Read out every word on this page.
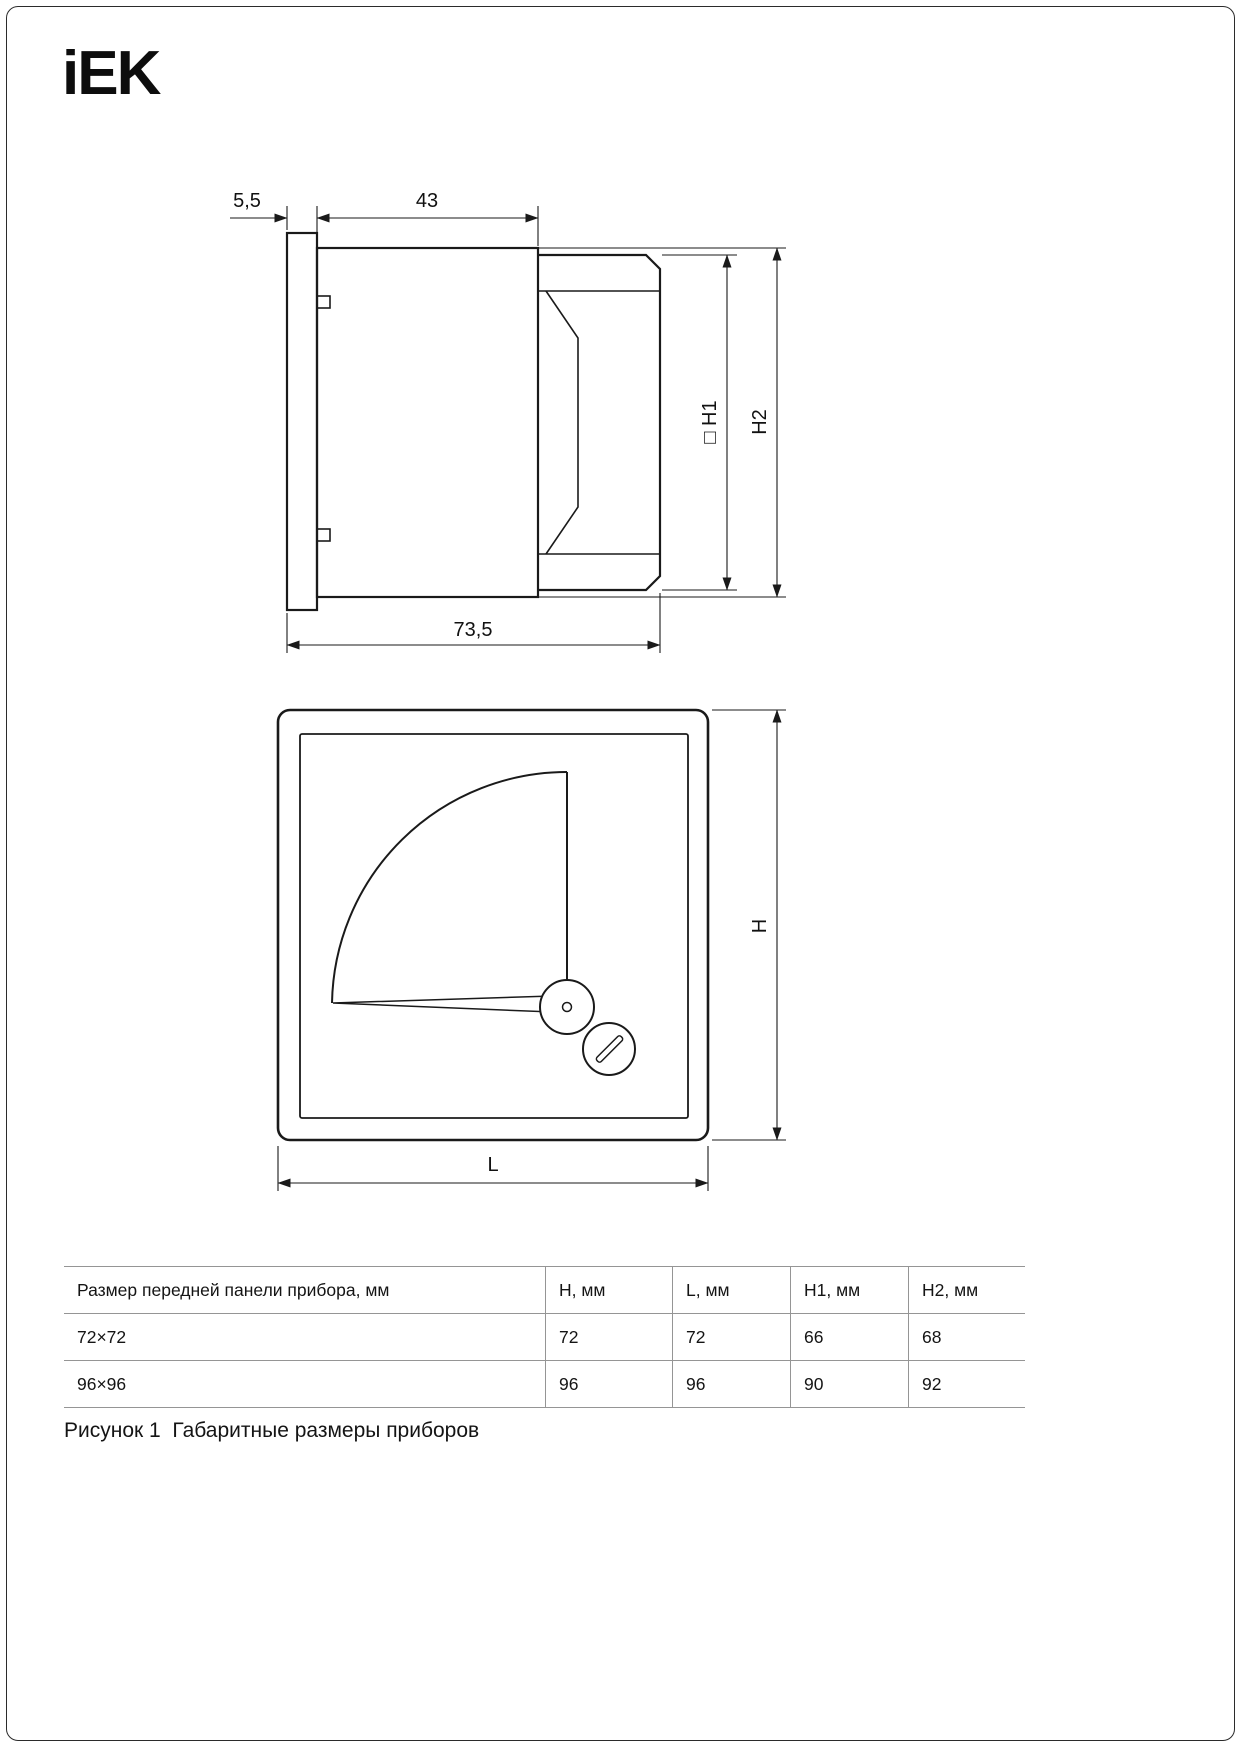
iEK
5,5	43
73,5
□ H1 H2
H
L
Размер передней панели прибора, мм	H, мм	L, мм	H1, мм	H2, мм
72×72	72	72	66	68
96×96	96	96	90	92
Рисунок 1  Габаритные размеры приборов
